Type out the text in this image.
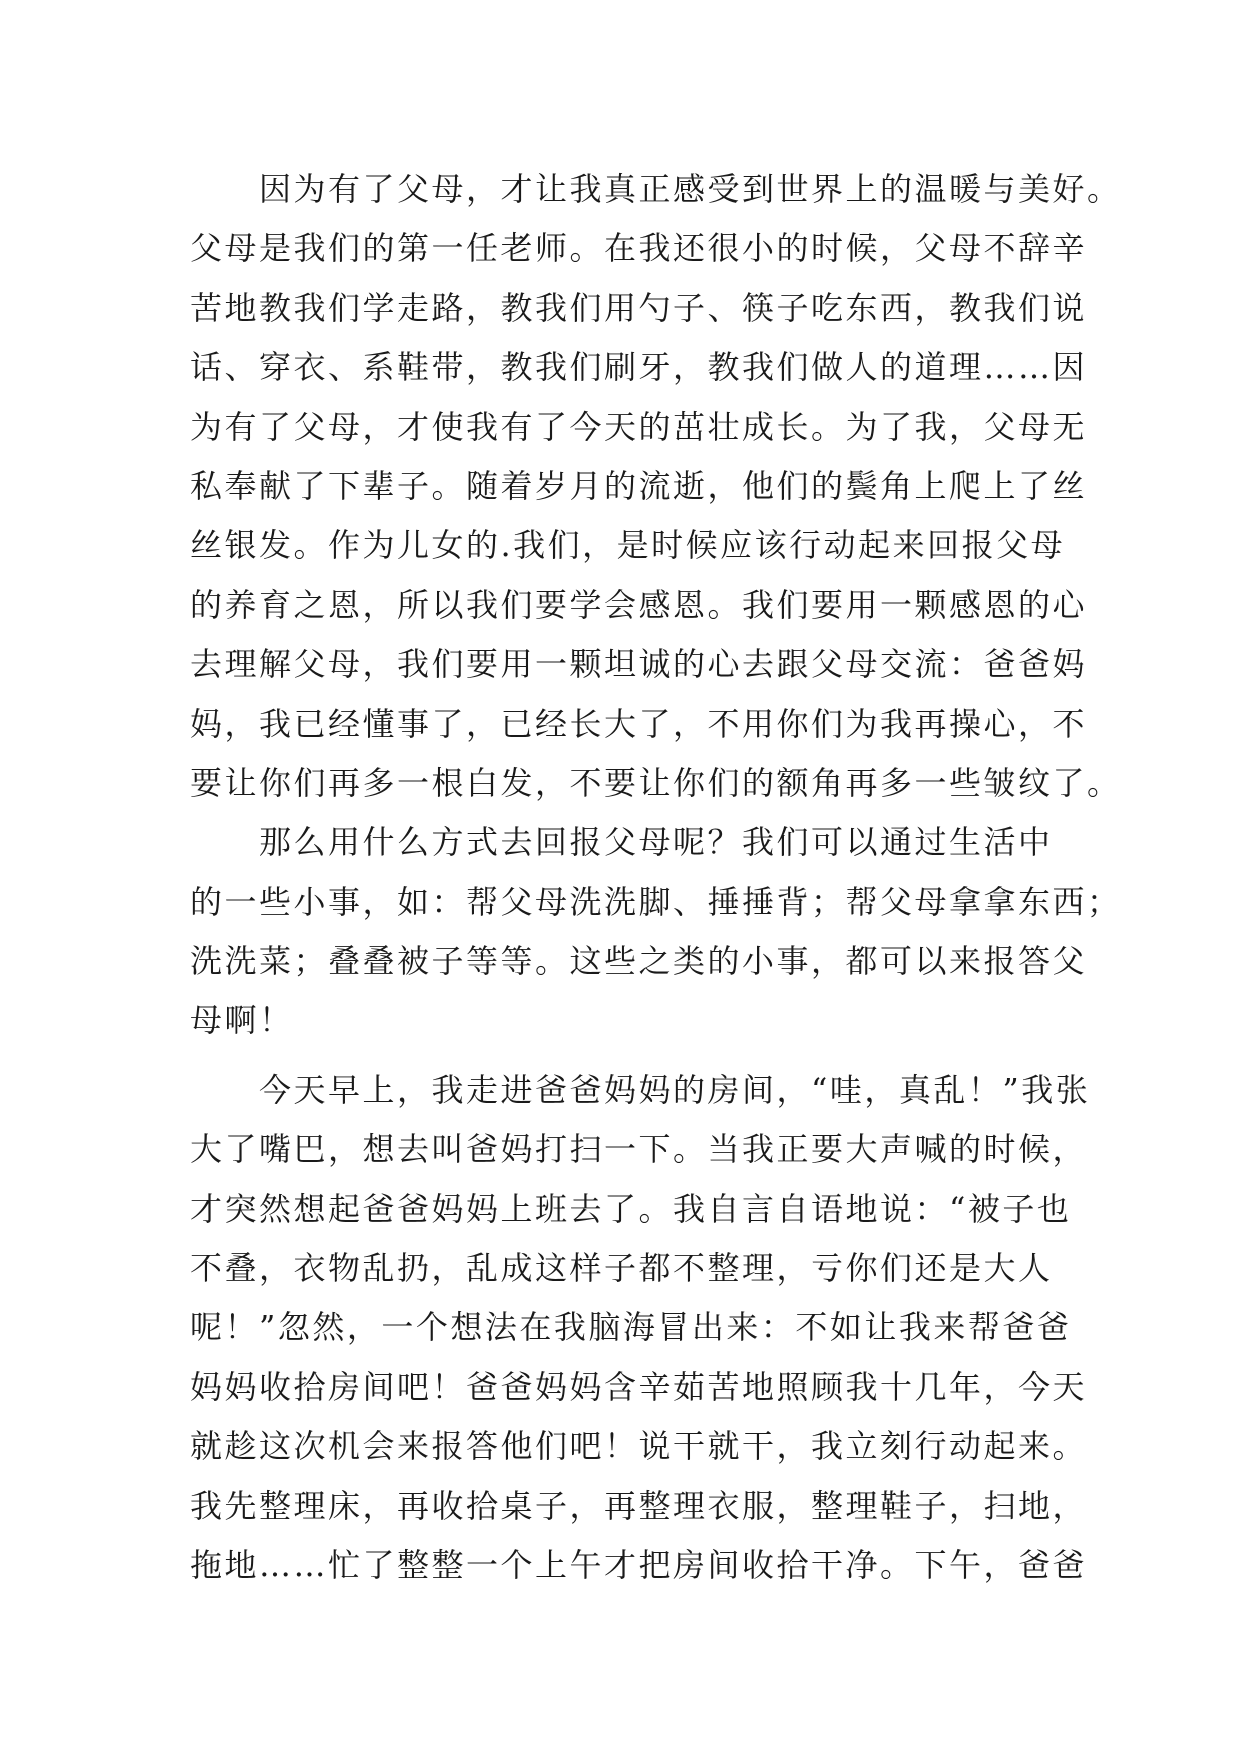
　　因为有了父母，才让我真正感受到世界上的温暖与美好。
父母是我们的第一任老师。在我还很小的时候，父母不辞辛
苦地教我们学走路，教我们用勺子、筷子吃东西，教我们说
话、穿衣、系鞋带，教我们刷牙，教我们做人的道理……因
为有了父母，才使我有了今天的茁壮成长。为了我，父母无
私奉献了下辈子。随着岁月的流逝，他们的鬓角上爬上了丝
丝银发。作为儿女的.我们，是时候应该行动起来回报父母
的养育之恩，所以我们要学会感恩。我们要用一颗感恩的心
去理解父母，我们要用一颗坦诚的心去跟父母交流：爸爸妈
妈，我已经懂事了，已经长大了，不用你们为我再操心，不
要让你们再多一根白发，不要让你们的额角再多一些皱纹了。
　　那么用什么方式去回报父母呢？我们可以通过生活中
的一些小事，如：帮父母洗洗脚、捶捶背；帮父母拿拿东西；
洗洗菜；叠叠被子等等。这些之类的小事，都可以来报答父
母啊！
　　今天早上，我走进爸爸妈妈的房间，“哇，真乱！”我张
大了嘴巴，想去叫爸妈打扫一下。当我正要大声喊的时候，
才突然想起爸爸妈妈上班去了。我自言自语地说：“被子也
不叠，衣物乱扔，乱成这样子都不整理，亏你们还是大人
呢！”忽然，一个想法在我脑海冒出来：不如让我来帮爸爸
妈妈收拾房间吧！爸爸妈妈含辛茹苦地照顾我十几年，今天
就趁这次机会来报答他们吧！说干就干，我立刻行动起来。
我先整理床，再收拾桌子，再整理衣服，整理鞋子，扫地，
拖地……忙了整整一个上午才把房间收拾干净。下午，爸爸
